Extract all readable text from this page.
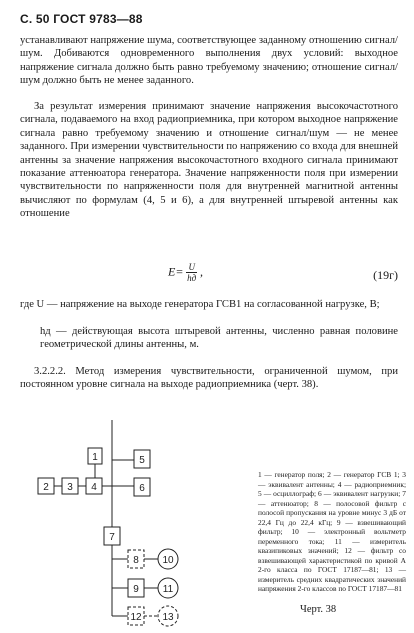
С. 50 ГОСТ 9783—88
устанавливают напряжение шума, соответствующее заданному отношению сигнал/шум. Добиваются одновременного выполнения двух условий: выходное напряжение сигнала должно быть равно требуемому значению; отношение сигнал/шум должно быть не менее заданного.
За результат измерения принимают значение напряжения высокочастотного сигнала, подаваемого на вход радиоприемника, при котором выходное напряжение сигнала равно требуемому значению и отношение сигнал/шум — не менее заданного. При измерении чувствительности по напряжению со входа для внешней антенны за значение напряжения высокочастотного входного сигнала принимают показание аттенюатора генератора. Значение напряженности поля при измерении чувствительности по напряженности поля для внутренней магнитной антенны вычисляют по формулам (4, 5 и 6), а для внутренней штыревой антенны как отношение
$E= \frac{U}{hд}$ ,	(19г)
где U — напряжение на выходе генератора ГСВ1 на согласованной нагрузке, В;
hд — действующая высота штыревой антенны, численно равная половине геометрической длины антенны, м.
3.2.2.2. Метод измерения чувствительности, ограниченной шумом, при постоянном уровне сигнала на выходе радиоприемника (черт. 38).
1
2 3 4
5
6
7
8
9
10
11
12 13
1 — генератор поля; 2 — генератор ГСВ 1; 3 — эквивалент антенны; 4 — радиоприемник; 5 — осциллограф; 6 — эквивалент нагрузки; 7 — аттенюатор; 8 — полосовой фильтр с полосой пропускания на уровне минус 3 дБ от 22,4 Гц до 22,4 кГц; 9 — взвешивающий фильтр; 10 — электронный вольтметр переменного тока; 11 — измеритель квазипиковых значений; 12 — фильтр со взвешивающей характеристикой по кривой A 2-го класса по ГОСТ 17187—81; 13 — измеритель средних квадратических значений напряжения 2-го классов по ГОСТ 17187—81
Черт. 38
